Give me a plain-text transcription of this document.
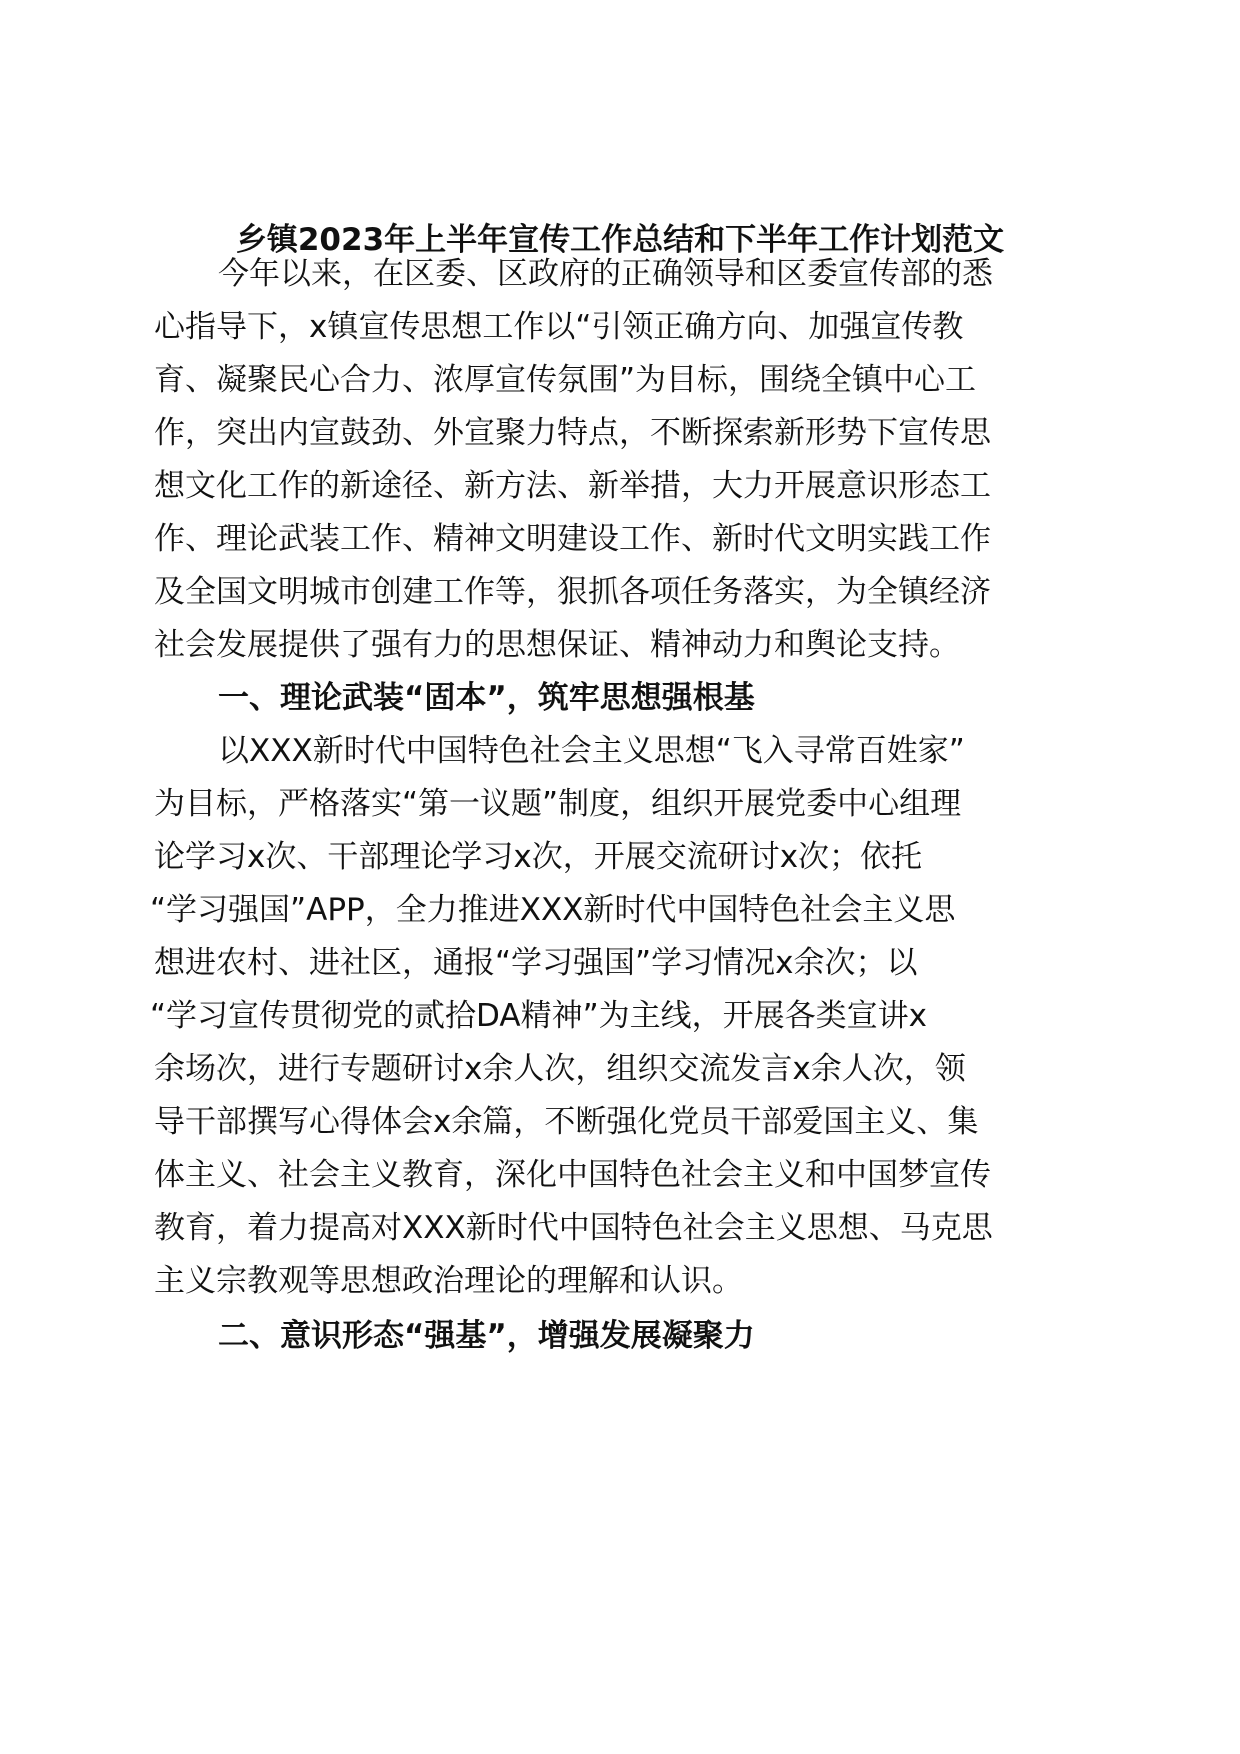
乡镇2023年上半年宣传工作总结和下半年工作计划范文

今年以来，在区委、区政府的正确领导和区委宣传部的悉

心指导下，x镇宣传思想工作以“引领正确方向、加强宣传教

育、凝聚民心合力、浓厚宣传氛围”为目标，围绕全镇中心工

作，突出内宣鼓劲、外宣聚力特点，不断探索新形势下宣传思

想文化工作的新途径、新方法、新举措，大力开展意识形态工

作、理论武装工作、精神文明建设工作、新时代文明实践工作

及全国文明城市创建工作等，狠抓各项任务落实，为全镇经济

社会发展提供了强有力的思想保证、精神动力和舆论支持。

一、理论武装“固本”，筑牢思想强根基

以XXX新时代中国特色社会主义思想“飞入寻常百姓家”

为目标，严格落实“第一议题”制度，组织开展党委中心组理

论学习x次、干部理论学习x次，开展交流研讨x次；依托

“学习强国”APP，全力推进XXX新时代中国特色社会主义思

想进农村、进社区，通报“学习强国”学习情况x余次；以

“学习宣传贯彻党的贰拾DA精神”为主线，开展各类宣讲x

余场次，进行专题研讨x余人次，组织交流发言x余人次，领

导干部撰写心得体会x余篇，不断强化党员干部爱国主义、集

体主义、社会主义教育，深化中国特色社会主义和中国梦宣传

教育，着力提高对XXX新时代中国特色社会主义思想、马克思

主义宗教观等思想政治理论的理解和认识。

二、意识形态“强基”，增强发展凝聚力
